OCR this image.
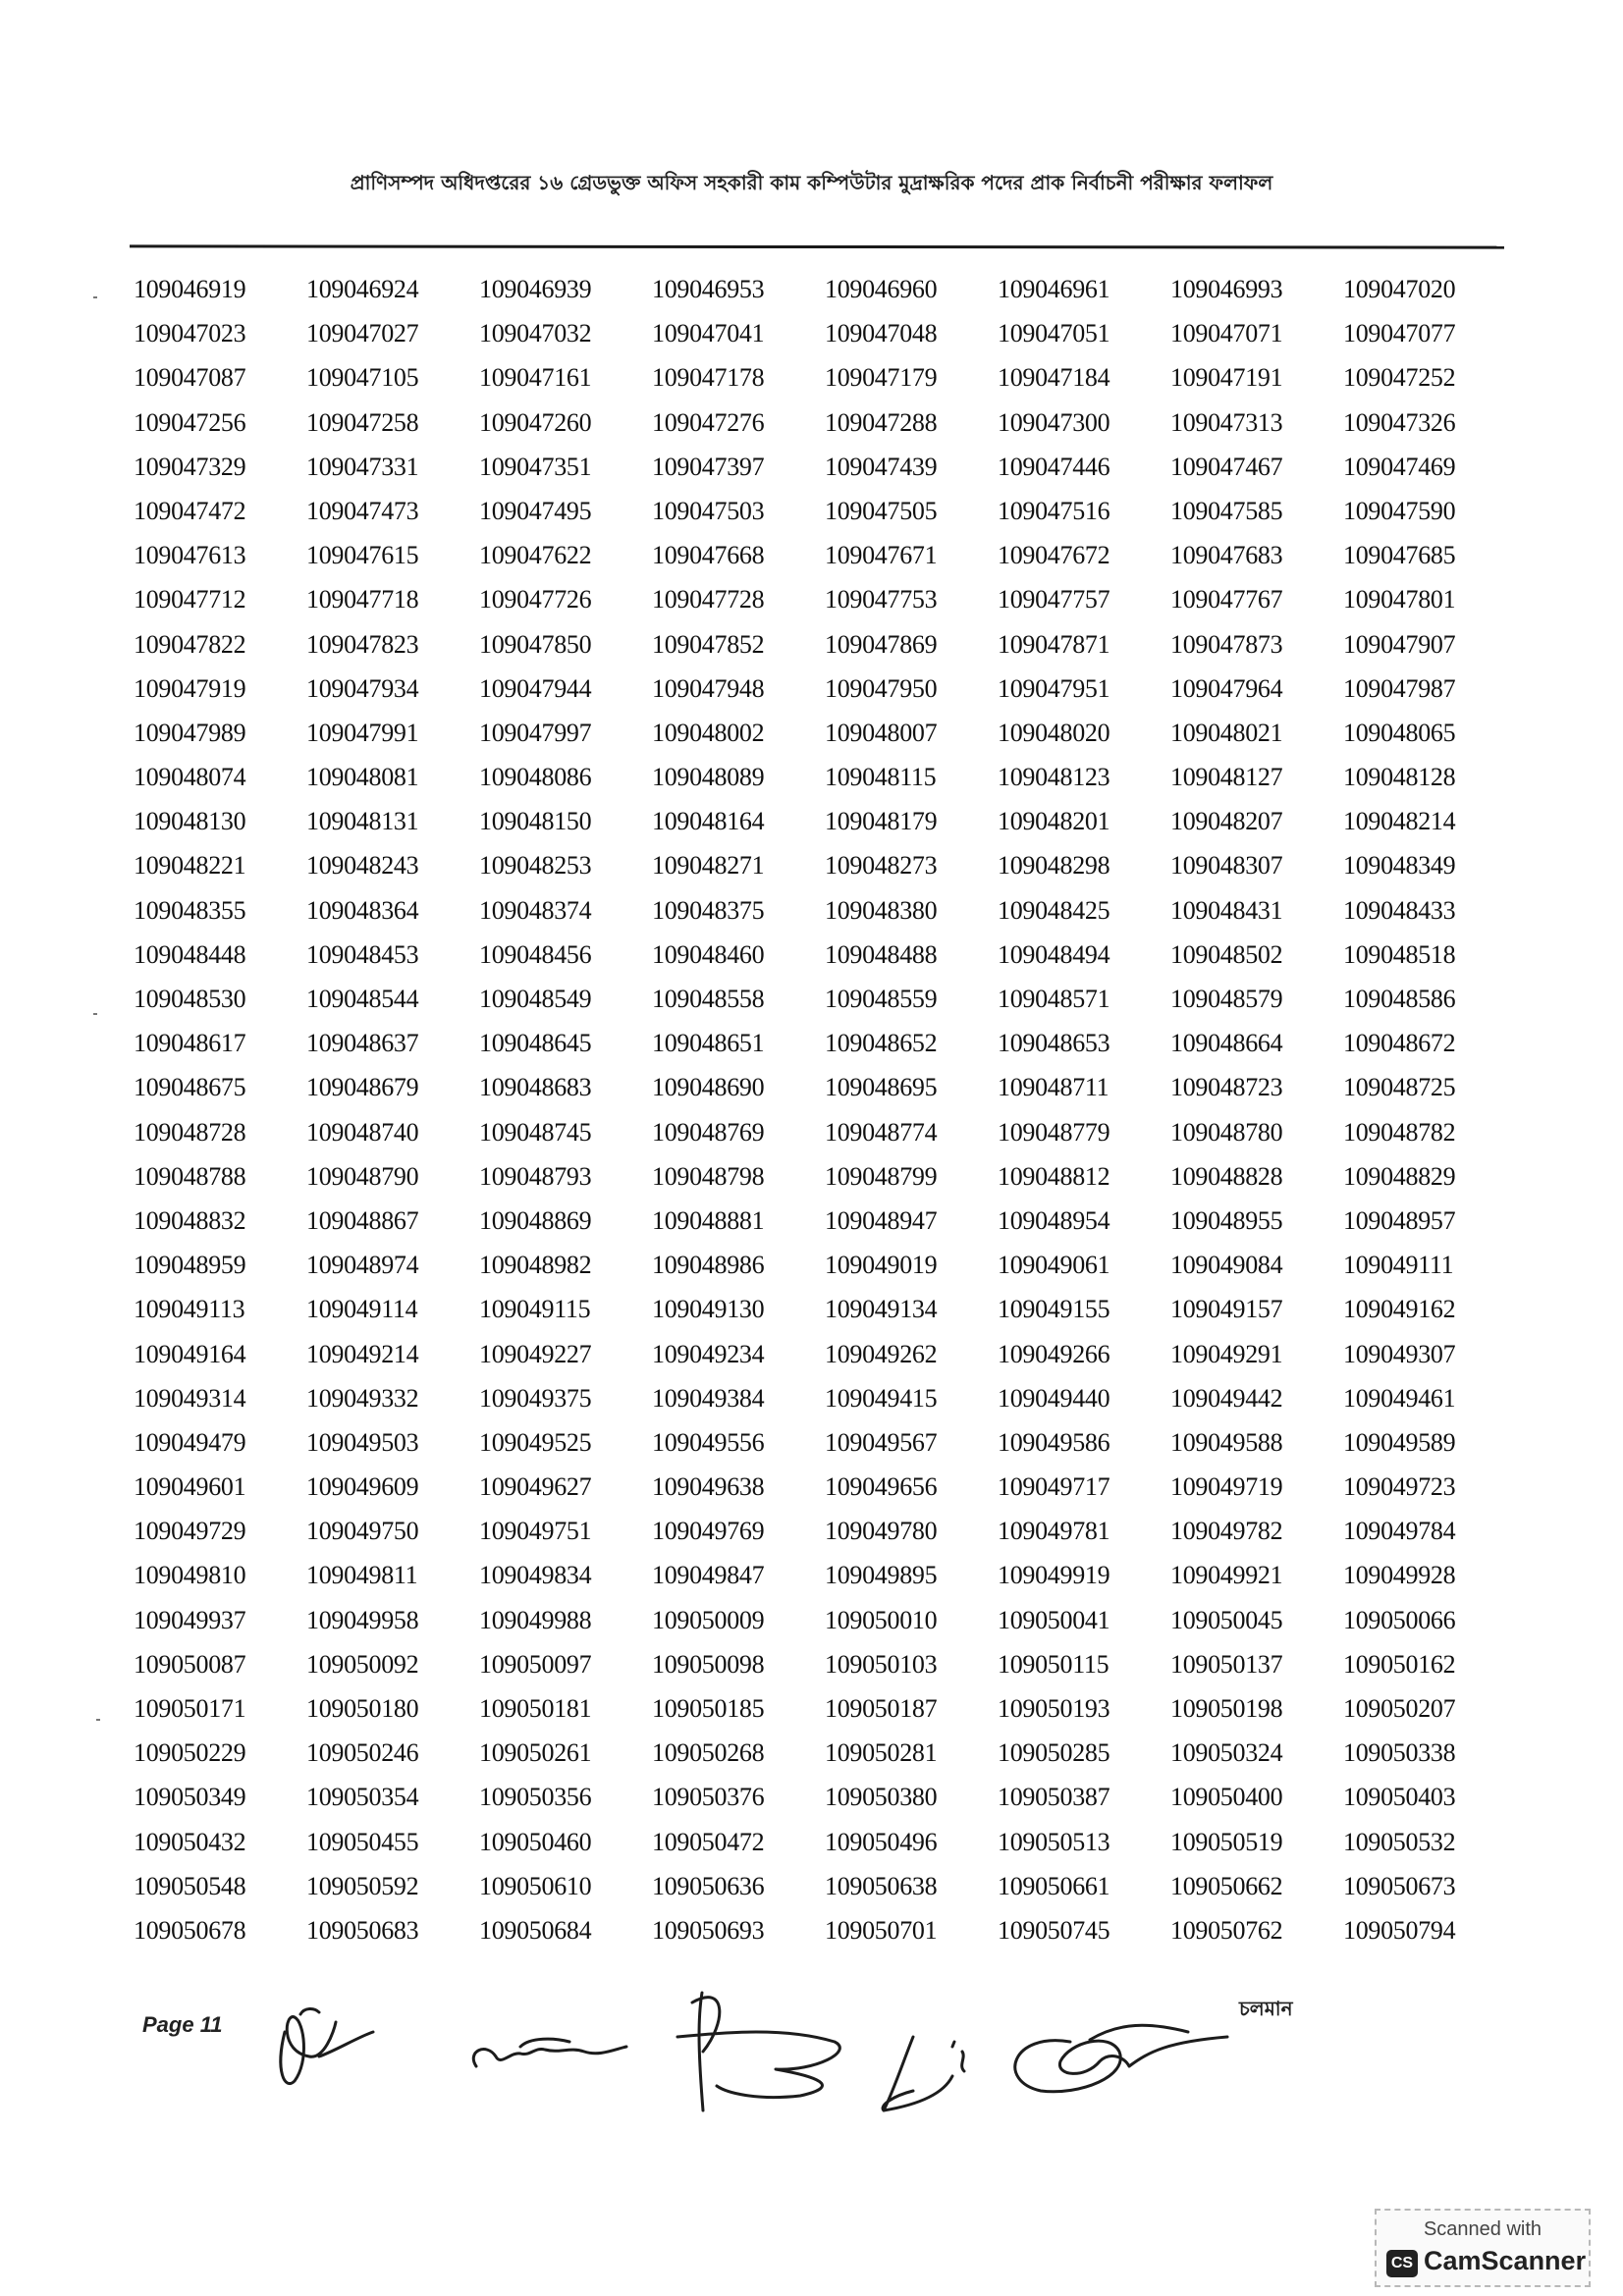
প্রাণিসম্পদ অধিদপ্তরের ১৬ গ্রেডভুক্ত অফিস সহকারী কাম কম্পিউটার মুদ্রাক্ষরিক পদের প্রাক নির্বাচনী পরীক্ষার ফলাফল
109046919	109046924	109046939	109046953	109046960	109046961	109046993	109047020
109047023	109047027	109047032	109047041	109047048	109047051	109047071	109047077
109047087	109047105	109047161	109047178	109047179	109047184	109047191	109047252
109047256	109047258	109047260	109047276	109047288	109047300	109047313	109047326
109047329	109047331	109047351	109047397	109047439	109047446	109047467	109047469
109047472	109047473	109047495	109047503	109047505	109047516	109047585	109047590
109047613	109047615	109047622	109047668	109047671	109047672	109047683	109047685
109047712	109047718	109047726	109047728	109047753	109047757	109047767	109047801
109047822	109047823	109047850	109047852	109047869	109047871	109047873	109047907
109047919	109047934	109047944	109047948	109047950	109047951	109047964	109047987
109047989	109047991	109047997	109048002	109048007	109048020	109048021	109048065
109048074	109048081	109048086	109048089	109048115	109048123	109048127	109048128
109048130	109048131	109048150	109048164	109048179	109048201	109048207	109048214
109048221	109048243	109048253	109048271	109048273	109048298	109048307	109048349
109048355	109048364	109048374	109048375	109048380	109048425	109048431	109048433
109048448	109048453	109048456	109048460	109048488	109048494	109048502	109048518
109048530	109048544	109048549	109048558	109048559	109048571	109048579	109048586
109048617	109048637	109048645	109048651	109048652	109048653	109048664	109048672
109048675	109048679	109048683	109048690	109048695	109048711	109048723	109048725
109048728	109048740	109048745	109048769	109048774	109048779	109048780	109048782
109048788	109048790	109048793	109048798	109048799	109048812	109048828	109048829
109048832	109048867	109048869	109048881	109048947	109048954	109048955	109048957
109048959	109048974	109048982	109048986	109049019	109049061	109049084	109049111
109049113	109049114	109049115	109049130	109049134	109049155	109049157	109049162
109049164	109049214	109049227	109049234	109049262	109049266	109049291	109049307
109049314	109049332	109049375	109049384	109049415	109049440	109049442	109049461
109049479	109049503	109049525	109049556	109049567	109049586	109049588	109049589
109049601	109049609	109049627	109049638	109049656	109049717	109049719	109049723
109049729	109049750	109049751	109049769	109049780	109049781	109049782	109049784
109049810	109049811	109049834	109049847	109049895	109049919	109049921	109049928
109049937	109049958	109049988	109050009	109050010	109050041	109050045	109050066
109050087	109050092	109050097	109050098	109050103	109050115	109050137	109050162
109050171	109050180	109050181	109050185	109050187	109050193	109050198	109050207
109050229	109050246	109050261	109050268	109050281	109050285	109050324	109050338
109050349	109050354	109050356	109050376	109050380	109050387	109050400	109050403
109050432	109050455	109050460	109050472	109050496	109050513	109050519	109050532
109050548	109050592	109050610	109050636	109050638	109050661	109050662	109050673
109050678	109050683	109050684	109050693	109050701	109050745	109050762	109050794
Page 11
চলমান
Scanned with
CS CamScanner
